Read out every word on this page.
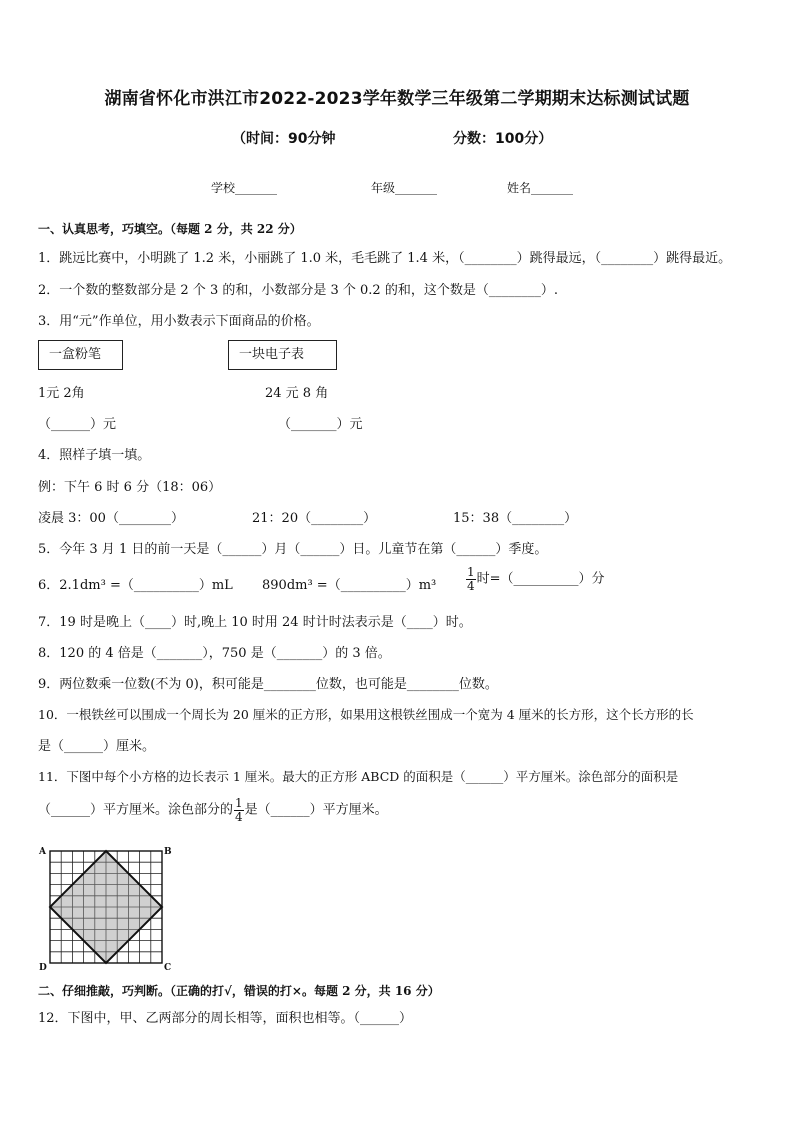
湖南省怀化市洪江市2022-2023学年数学三年级第二学期期末达标测试试题
（时间：90分钟	分数：100分）
学校_______	年级_______	姓名_______
一、认真思考，巧填空。（每题 2 分，共 22 分）
1．跳远比赛中，小明跳了 1.2 米，小丽跳了 1.0 米，毛毛跳了 1.4 米，（________）跳得最远，（________）跳得最近。
2．一个数的整数部分是 2 个 3 的和，小数部分是 3 个 0.2 的和，这个数是（________）.
3．用“元”作单位，用小数表示下面商品的价格。
一盒粉笔	一块电子表
1元 2角	24 元 8 角
（______）元	（_______）元
4．照样子填一填。
例：下午 6 时 6 分（18：06）
凌晨 3：00（________）	21：20（________）	15：38（________）
5．今年 3 月 1 日的前一天是（______）月（______）日。儿童节在第（______）季度。
6．2.1dm³ =（__________）mL 890dm³ =（__________）m³ $\frac{1}{4}$ 时=（__________）分
7．19 时是晚上（____）时,晚上 10 时用 24 时计时法表示是（____）时。
8．120 的 4 倍是（_______），750 是（_______）的 3 倍。
9．两位数乘一位数(不为 0)，积可能是________位数，也可能是________位数。
10．一根铁丝可以围成一个周长为 20 厘米的正方形，如果用这根铁丝围成一个宽为 4 厘米的长方形，这个长方形的长
是（______）厘米。
11．下图中每个小方格的边长表示 1 厘米。最大的正方形 ABCD 的面积是（______）平方厘米。涂色部分的面积是
（______）平方厘米。涂色部分的 $\frac{1}{4}$ 是（______）平方厘米。
A	B
C
D
二、仔细推敲，巧判断。（正确的打√，错误的打×。每题 2 分，共 16 分）
12．下图中，甲、乙两部分的周长相等，面积也相等。（______）
